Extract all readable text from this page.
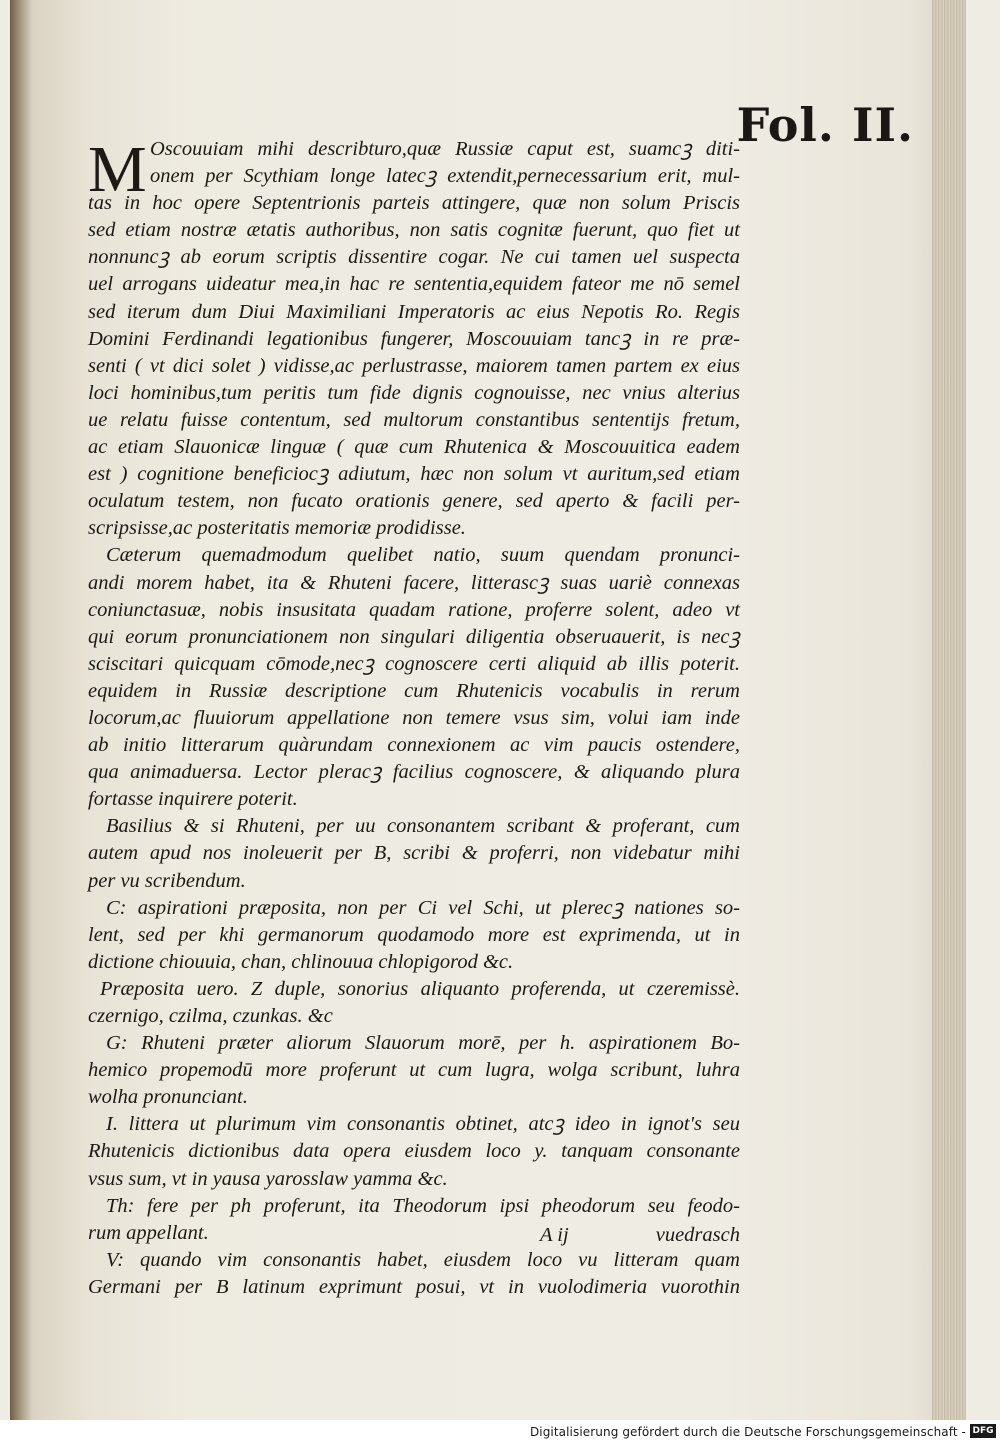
Fol. II.
M Oscouuiam mihi describturo,quæ Russiæ caput est, suamcꝫ diti-
onem per Scythiam longe latecꝫ extendit,pernecessarium erit, mul-
tas in hoc opere Septentrionis parteis attingere, quæ non solum Priscis
sed etiam nostræ ætatis authoribus, non satis cognitæ fuerunt, quo fiet ut
nonnuncꝫ ab eorum scriptis dissentire cogar. Ne cui tamen uel suspecta
uel arrogans uideatur mea,in hac re sententia,equidem fateor me nō semel
sed iterum dum Diui Maximiliani Imperatoris ac eius Nepotis Ro. Regis
Domini Ferdinandi legationibus fungerer, Moscouuiam tancꝫ in re præ-
senti ( vt dici solet ) vidisse,ac perlustrasse, maiorem tamen partem ex eius
loci hominibus,tum peritis tum fide dignis cognouisse, nec vnius alterius
ue relatu fuisse contentum, sed multorum constantibus sententijs fretum,
ac etiam Slauonicæ linguæ ( quæ cum Rhutenica & Moscouuitica eadem
est ) cognitione beneficiocꝫ adiutum, hæc non solum vt auritum,sed etiam
oculatum testem, non fucato orationis genere, sed aperto & facili per-
scripsisse,ac posteritatis memoriæ prodidisse.
Cæterum quemadmodum quelibet natio, suum quendam pronunci-
andi morem habet, ita & Rhuteni facere, litterascꝫ suas uariè connexas
coniunctasuæ, nobis insusitata quadam ratione, proferre solent, adeo vt
qui eorum pronunciationem non singulari diligentia obseruauerit, is necꝫ
sciscitari quicquam cōmode,necꝫ cognoscere certi aliquid ab illis poterit.
equidem in Russiæ descriptione cum Rhutenicis vocabulis in rerum
locorum,ac fluuiorum appellatione non temere vsus sim, volui iam inde
ab initio litterarum quàrundam connexionem ac vim paucis ostendere,
qua animaduersa. Lector pleracꝫ facilius cognoscere, & aliquando plura
fortasse inquirere poterit.
Basilius & si Rhuteni, per uu consonantem scribant & proferant, cum
autem apud nos inoleuerit per B, scribi & proferri, non videbatur mihi
per vu scribendum.
C: aspirationi præposita, non per Ci vel Schi, ut plerecꝫ nationes so-
lent, sed per khi germanorum quodamodo more est exprimenda, ut in
dictione chiouuia, chan, chlinouua chlopigorod &c.
Præposita uero. Z duple, sonorius aliquanto proferenda, ut czeremissè.
czernigo, czilma, czunkas. &c
G: Rhuteni præter aliorum Slauorum morē, per h. aspirationem Bo-
hemico propemodū more proferunt ut cum lugra, wolga scribunt, luhra
wolha pronunciant.
I. littera ut plurimum vim consonantis obtinet, atcꝫ ideo in ignot's seu
Rhutenicis dictionibus data opera eiusdem loco y. tanquam consonante
vsus sum, vt in yausa yarosslaw yamma &c.
Th: fere per ph proferunt, ita Theodorum ipsi pheodorum seu feodo-
rum appellant.
V: quando vim consonantis habet, eiusdem loco vu litteram quam
Germani per B latinum exprimunt posui, vt in vuolodimeria vuorothin
A ij	vuedrasch
Digitalisierung gefördert durch die Deutsche Forschungsgemeinschaft - DFG
